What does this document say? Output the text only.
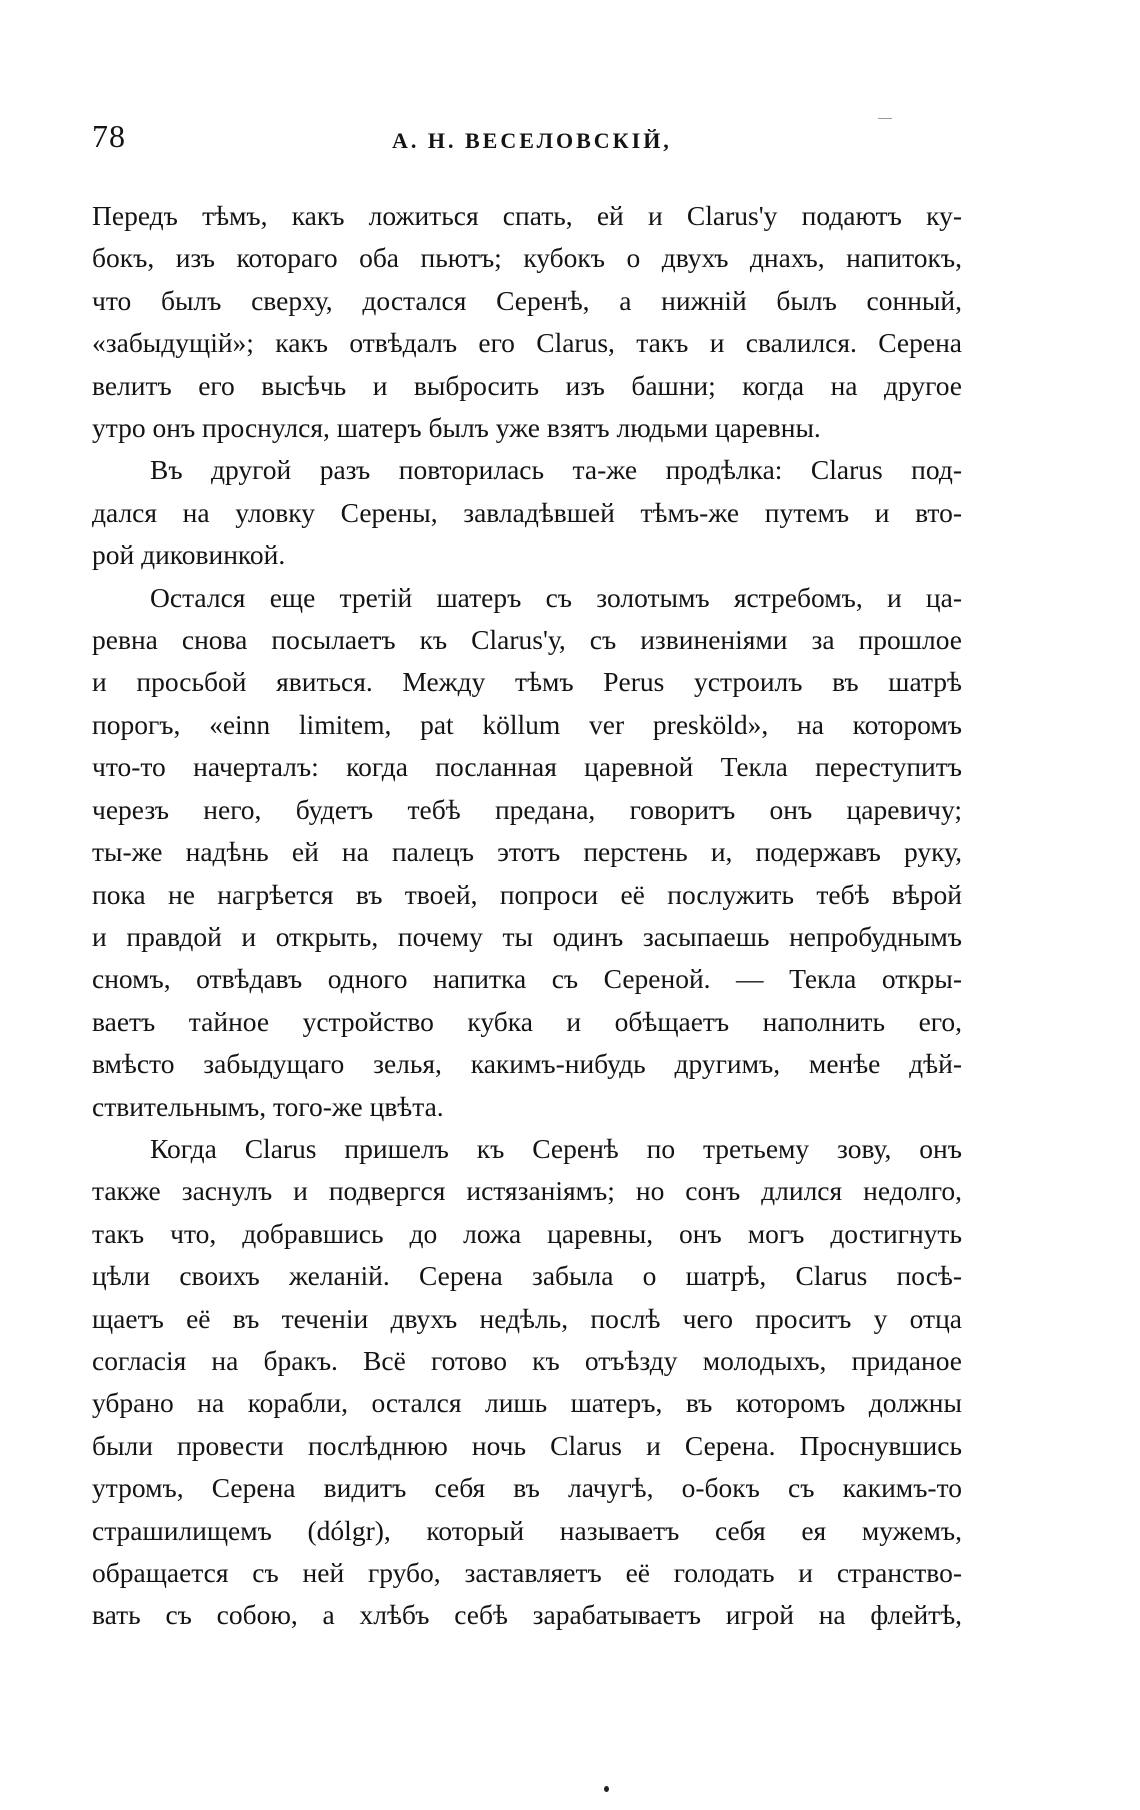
78	А. Н. ВЕСЕЛОВСКІЙ,
Передъ тѣмъ, какъ ложиться спать, ей и Clarus'у подаютъ ку-
бокъ, изъ котораго оба пьютъ; кубокъ о двухъ днахъ, напитокъ,
что былъ сверху, достался Серенѣ, а нижній былъ сонный,
«забыдущій»; какъ отвѣдалъ его Clarus, такъ и свалился. Серена
велитъ его высѣчь и выбросить изъ башни; когда на другое
утро онъ проснулся, шатеръ былъ уже взятъ людьми царевны.
Въ другой разъ повторилась та-же продѣлка: Clarus под-
дался на уловку Серены, завладѣвшей тѣмъ-же путемъ и вто-
рой диковинкой.
Остался еще третій шатеръ съ золотымъ ястребомъ, и ца-
ревна снова посылаетъ къ Clarus'у, съ извиненіями за прошлое
и просьбой явиться. Между тѣмъ Perus устроилъ въ шатрѣ
порогъ, «einn limitem, pat köllum ver presköld», на которомъ
что-то начерталъ: когда посланная царевной Текла переступитъ
черезъ него, будетъ тебѣ предана, говоритъ онъ царевичу;
ты-же надѣнь ей на палецъ этотъ перстень и, подержавъ руку,
пока не нагрѣется въ твоей, попроси её послужить тебѣ вѣрой
и правдой и открыть, почему ты одинъ засыпаешь непробуднымъ
сномъ, отвѣдавъ одного напитка съ Сереной. — Текла откры-
ваетъ тайное устройство кубка и обѣщаетъ наполнить его,
вмѣсто забыдущаго зелья, какимъ-нибудь другимъ, менѣе дѣй-
ствительнымъ, того-же цвѣта.
Когда Clarus пришелъ къ Серенѣ по третьему зову, онъ
также заснулъ и подвергся истязаніямъ; но сонъ длился недолго,
такъ что, добравшись до ложа царевны, онъ могъ достигнуть
цѣли своихъ желаній. Серена забыла о шатрѣ, Clarus посѣ-
щаетъ её въ теченіи двухъ недѣль, послѣ чего проситъ у отца
согласія на бракъ. Всё готово къ отъѣзду молодыхъ, приданое
убрано на корабли, остался лишь шатеръ, въ которомъ должны
были провести послѣднюю ночь Clarus и Серена. Проснувшись
утромъ, Серена видитъ себя въ лачугѣ, о-бокъ съ какимъ-то
страшилищемъ (dólgr), который называетъ себя ея мужемъ,
обращается съ ней грубо, заставляетъ её голодать и странство-
вать съ собою, а хлѣбъ себѣ зарабатываетъ игрой на флейтѣ,
